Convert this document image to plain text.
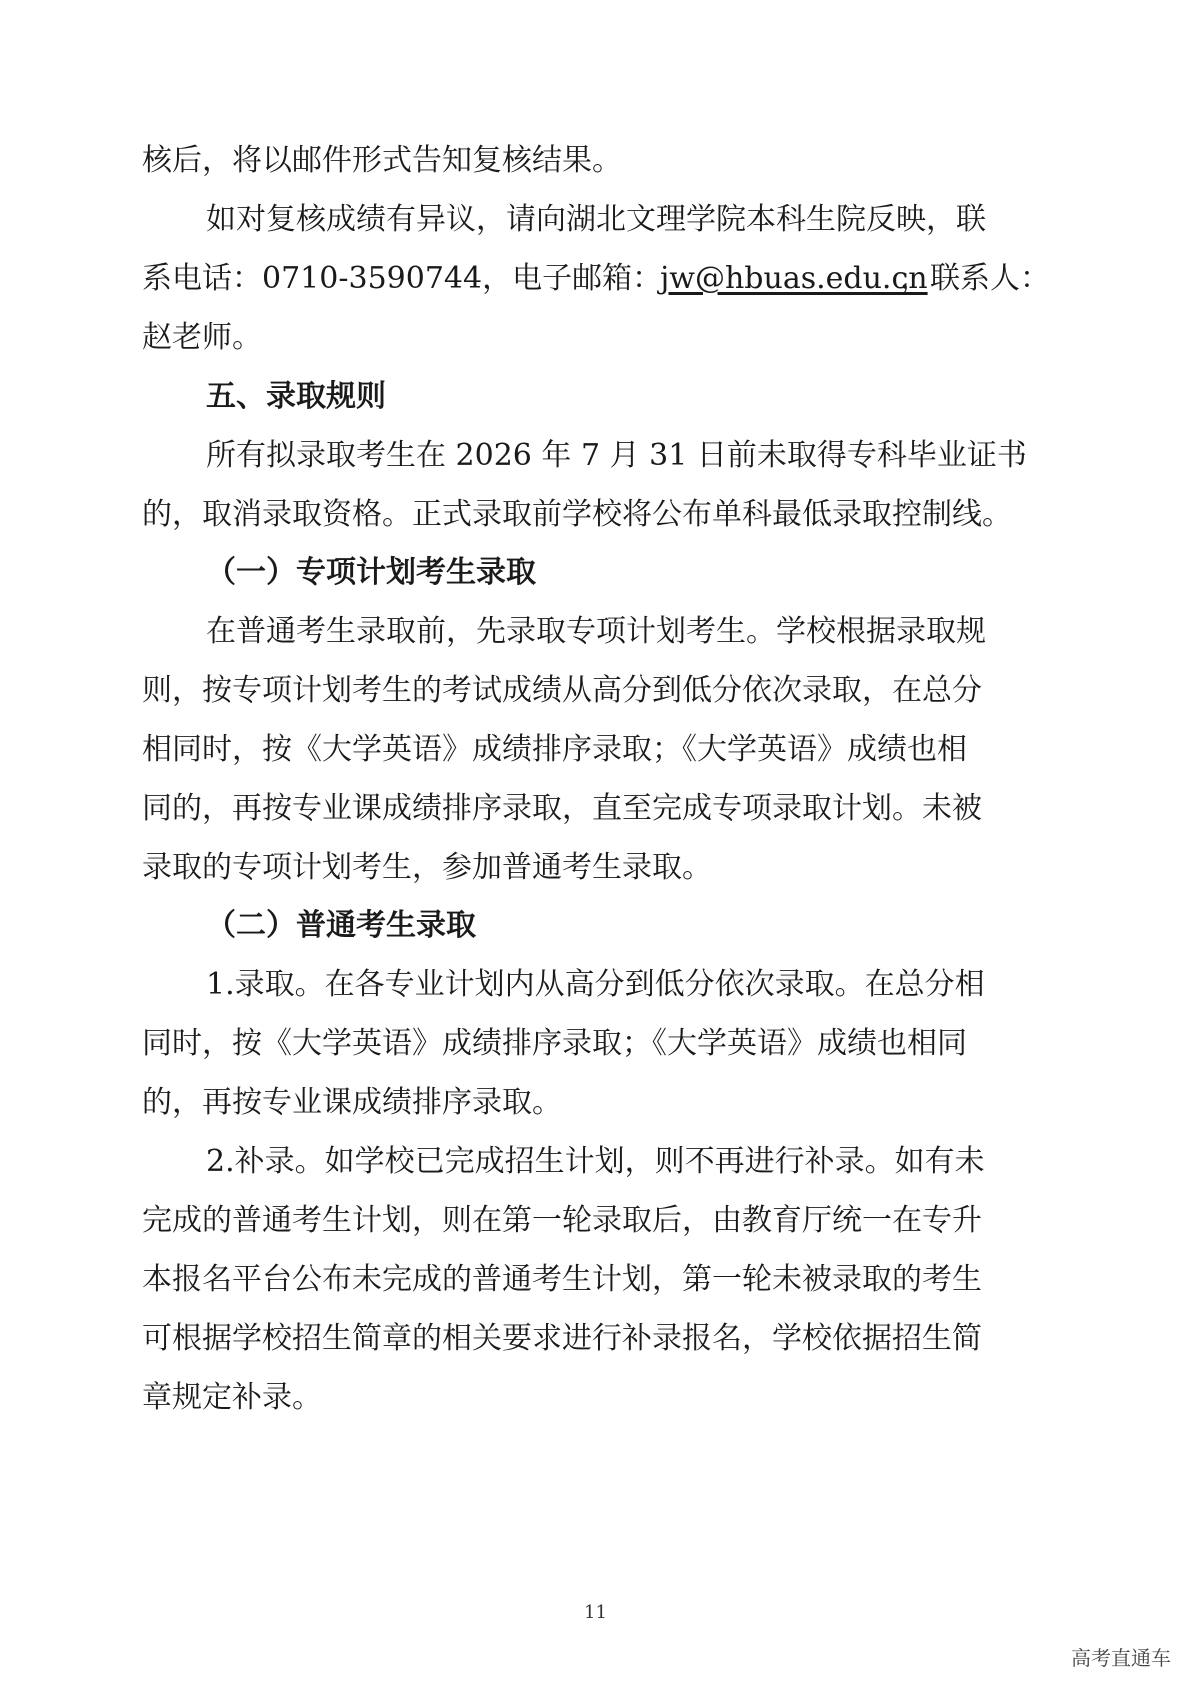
核后，将以邮件形式告知复核结果。
如对复核成绩有异议，请向湖北文理学院本科生院反映，联
系电话：0710-3590744，电子邮箱：
jw@hbuas.edu.cn
，联系人：
赵老师。
五、录取规则
所有拟录取考生在 2026 年 7 月 31 日前未取得专科毕业证书
的，取消录取资格。正式录取前学校将公布单科最低录取控制线。
（一）专项计划考生录取
在普通考生录取前，先录取专项计划考生。学校根据录取规
则，按专项计划考生的考试成绩从高分到低分依次录取，在总分
相同时，按《大学英语》成绩排序录取；《大学英语》成绩也相
同的，再按专业课成绩排序录取，直至完成专项录取计划。未被
录取的专项计划考生，参加普通考生录取。
（二）普通考生录取
1.录取。在各专业计划内从高分到低分依次录取。在总分相
同时，按《大学英语》成绩排序录取；《大学英语》成绩也相同
的，再按专业课成绩排序录取。
2.补录。如学校已完成招生计划，则不再进行补录。如有未
完成的普通考生计划，则在第一轮录取后，由教育厅统一在专升
本报名平台公布未完成的普通考生计划，第一轮未被录取的考生
可根据学校招生简章的相关要求进行补录报名，学校依据招生简
章规定补录。
11
高考直通车
